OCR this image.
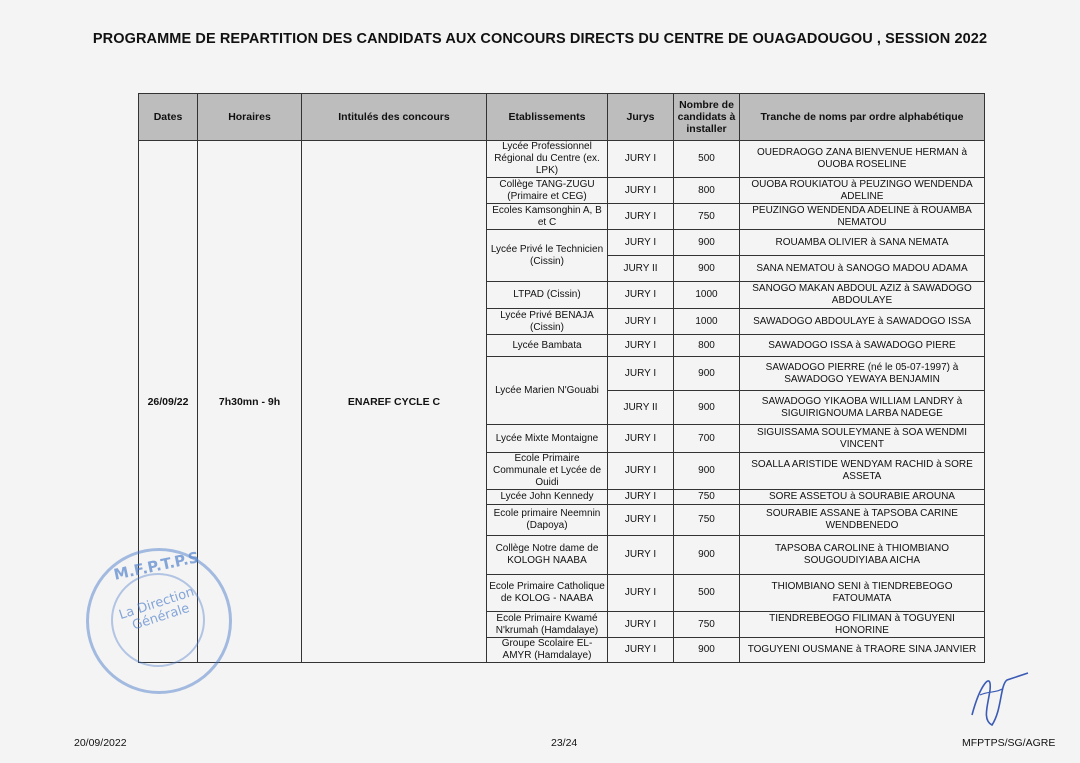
PROGRAMME DE REPARTITION DES CANDIDATS AUX CONCOURS DIRECTS DU CENTRE DE OUAGADOUGOU , SESSION 2022
Dates	Horaires	Intitulés des concours	Etablissements	Jurys	Nombre de candidats à installer	Tranche de noms par ordre alphabétique
26/09/22	7h30mn - 9h	ENAREF CYCLE C	Lycée Professionnel Régional du Centre (ex. LPK)	JURY I	500	OUEDRAOGO ZANA BIENVENUE HERMAN à OUOBA ROSELINE
			Collège TANG-ZUGU (Primaire et CEG)	JURY I	800	OUOBA ROUKIATOU à PEUZINGO WENDENDA ADELINE
			Ecoles Kamsonghin A, B et C	JURY I	750	PEUZINGO WENDENDA ADELINE à ROUAMBA NEMATOU
			Lycée Privé le Technicien (Cissin)	JURY I	900	ROUAMBA OLIVIER à SANA NEMATA
				JURY II	900	SANA NEMATOU à SANOGO MADOU ADAMA
			LTPAD (Cissin)	JURY I	1000	SANOGO MAKAN ABDOUL AZIZ à SAWADOGO ABDOULAYE
			Lycée Privé BENAJA (Cissin)	JURY I	1000	SAWADOGO ABDOULAYE à SAWADOGO ISSA
			Lycée Bambata	JURY I	800	SAWADOGO ISSA à SAWADOGO PIERE
			Lycée Marien N'Gouabi	JURY I	900	SAWADOGO PIERRE (né le 05-07-1997) à SAWADOGO YEWAYA BENJAMIN
				JURY II	900	SAWADOGO YIKAOBA WILLIAM LANDRY à SIGUIRIGNOUMA LARBA NADEGE
			Lycée Mixte Montaigne	JURY I	700	SIGUISSAMA SOULEYMANE à SOA WENDMI VINCENT
			Ecole Primaire Communale et Lycée de Ouidi	JURY I	900	SOALLA ARISTIDE WENDYAM RACHID à SORE ASSETA
			Lycée John Kennedy	JURY I	750	SORE ASSETOU à SOURABIE AROUNA
			Ecole primaire Neemnin (Dapoya)	JURY I	750	SOURABIE ASSANE à TAPSOBA CARINE WENDBENEDO
			Collège Notre dame de KOLOGH NAABA	JURY I	900	TAPSOBA CAROLINE à THIOMBIANO SOUGOUDIYIABA AICHA
			Ecole Primaire Catholique de KOLOG - NAABA	JURY I	500	THIOMBIANO SENI à TIENDREBEOGO FATOUMATA
			Ecole Primaire Kwamé N'krumah (Hamdalaye)	JURY I	750	TIENDREBEOGO FILIMAN à TOGUYENI HONORINE
			Groupe Scolaire EL-AMYR (Hamdalaye)	JURY I	900	TOGUYENI OUSMANE à TRAORE SINA JANVIER
M.F.P.T.P.S
La Direction Générale
20/09/2022	23/24	MFPTPS/SG/AGRE
